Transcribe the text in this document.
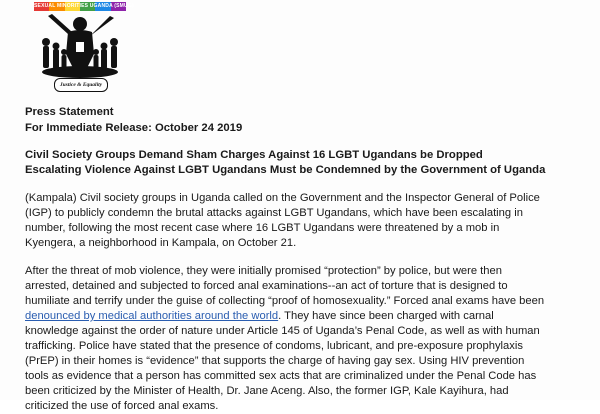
SEXUAL MINORITIES UGANDA (SMUG)
Justice & Equality

Press Statement

For Immediate Release: October 24 2019

Civil Society Groups Demand Sham Charges Against 16 LGBT Ugandans be Dropped
Escalating Violence Against LGBT Ugandans Must be Condemned by the Government of Uganda
(Kampala) Civil society groups in Uganda called on the Government and the Inspector General of Police
(IGP) to publicly condemn the brutal attacks against LGBT Ugandans, which have been escalating in
number, following the most recent case where 16 LGBT Ugandans were threatened by a mob in
Kyengera, a neighborhood in Kampala, on October 21.
After the threat of mob violence, they were initially promised “protection” by police, but were then
arrested, detained and subjected to forced anal examinations--an act of torture that is designed to
humiliate and terrify under the guise of collecting “proof of homosexuality.” Forced anal exams have been
denounced by medical authorities around the world. They have since been charged with carnal
knowledge against the order of nature under Article 145 of Uganda’s Penal Code, as well as with human
trafficking. Police have stated that the presence of condoms, lubricant, and pre-exposure prophylaxis
(PrEP) in their homes is “evidence” that supports the charge of having gay sex. Using HIV prevention
tools as evidence that a person has committed sex acts that are criminalized under the Penal Code has
been criticized by the Minister of Health, Dr. Jane Aceng. Also, the former IGP, Kale Kayihura, had
criticized the use of forced anal exams.
